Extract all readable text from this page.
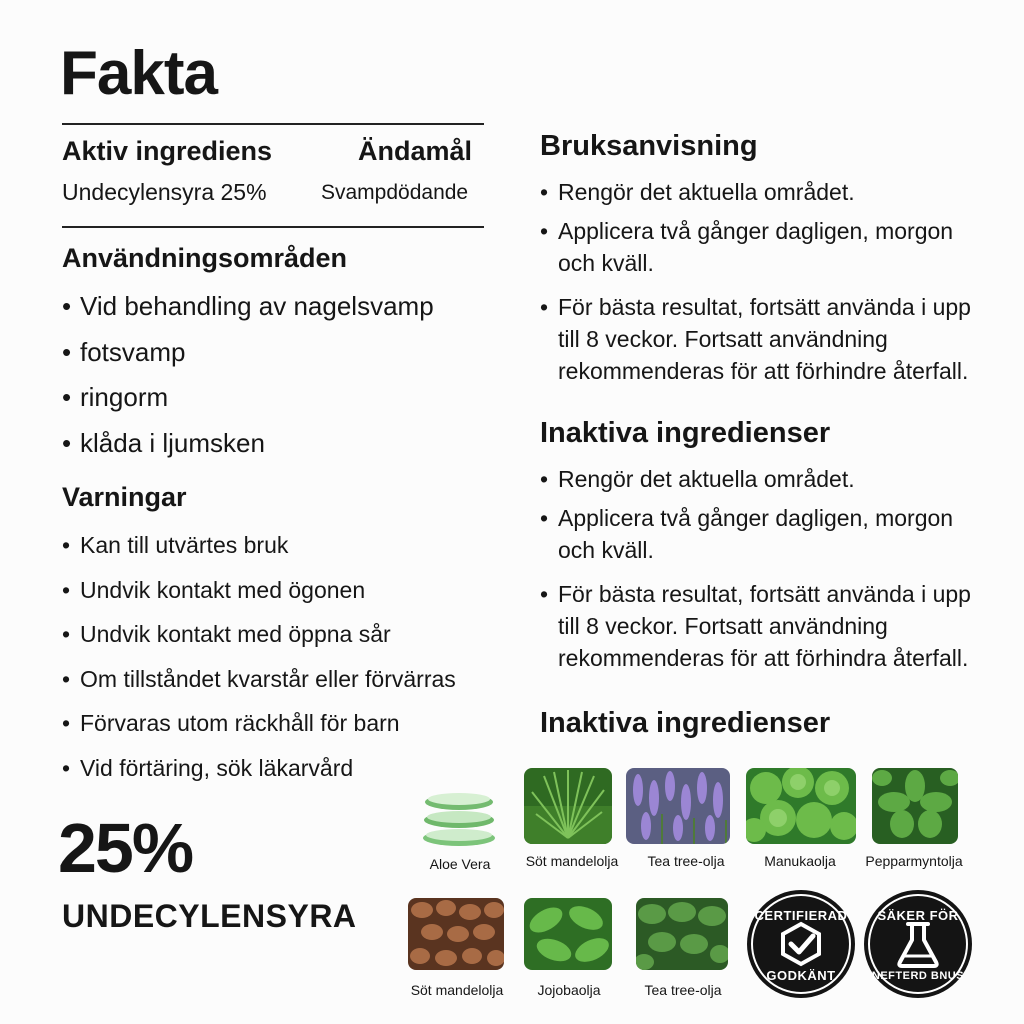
Fakta
Aktiv ingrediens	Ändamål
Undecylensyra 25%	Svampdödande
Användningsområden
• Vid behandling av nagelsvamp
• fotsvamp
• ringorm
• klåda i ljumsken
Varningar
• Kan till utvärtes bruk
• Undvik kontakt med ögonen
• Undvik kontakt med öppna sår
• Om tillståndet kvarstår eller förvärras
• Förvaras utom räckhåll för barn
• Vid förtäring, sök läkarvård
25%
UNDECYLENSYRA
Bruksanvisning
• Rengör det aktuella området.
• Applicera två gånger dagligen, morgon och kväll.
• För bästa resultat, fortsätt använda i upp till 8 veckor. Fortsatt användning rekommenderas för att förhindre återfall.
Inaktiva ingredienser
• Rengör det aktuella området.
• Applicera två gånger dagligen, morgon och kväll.
• För bästa resultat, fortsätt använda i upp till 8 veckor. Fortsatt användning rekommenderas för att förhindra återfall.
Inaktiva ingredienser
Aloe Vera	Söt mandelolja Tea tree-olja	Manukaolja Pepparmyntolja
Söt mandelolja Jojobaolja	Tea tree-olja
CERTIFIERAD
GODKÄNT
SÄKER FÖR
NEFTERD BNUS
